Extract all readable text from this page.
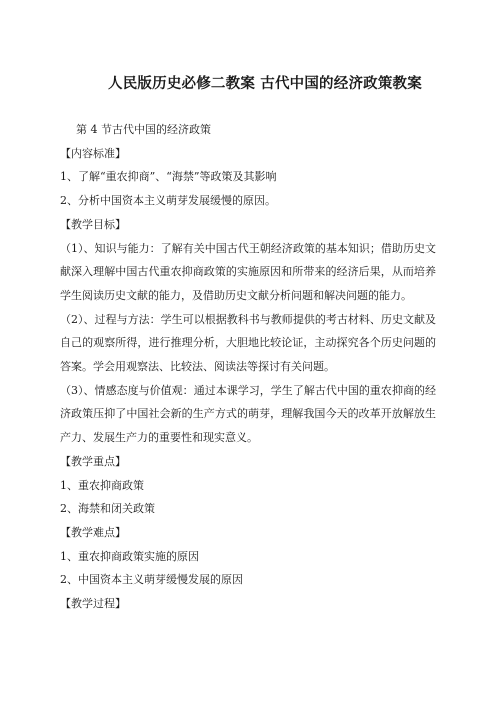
人民版历史必修二教案 古代中国的经济政策教案
第 4 节古代中国的经济政策
【内容标准】
1、了解“重农抑商”、“海禁”等政策及其影响
2、分析中国资本主义萌芽发展缓慢的原因。
【教学目标】
（1）、知识与能力：了解有关中国古代王朝经济政策的基本知识；借助历史文献深入理解中国古代重农抑商政策的实施原因和所带来的经济后果，从而培养学生阅读历史文献的能力，及借助历史文献分析问题和解决问题的能力。
（2）、过程与方法：学生可以根据教科书与教师提供的考古材料、历史文献及自己的观察所得，进行推理分析，大胆地比较论证，主动探究各个历史问题的答案。学会用观察法、比较法、阅读法等探讨有关问题。
（3）、情感态度与价值观：通过本课学习，学生了解古代中国的重农抑商的经济政策压抑了中国社会新的生产方式的萌芽，理解我国今天的改革开放解放生产力、发展生产力的重要性和现实意义。
【教学重点】
1、重农抑商政策
2、海禁和闭关政策
【教学难点】
1、重农抑商政策实施的原因
2、中国资本主义萌芽缓慢发展的原因
【教学过程】
